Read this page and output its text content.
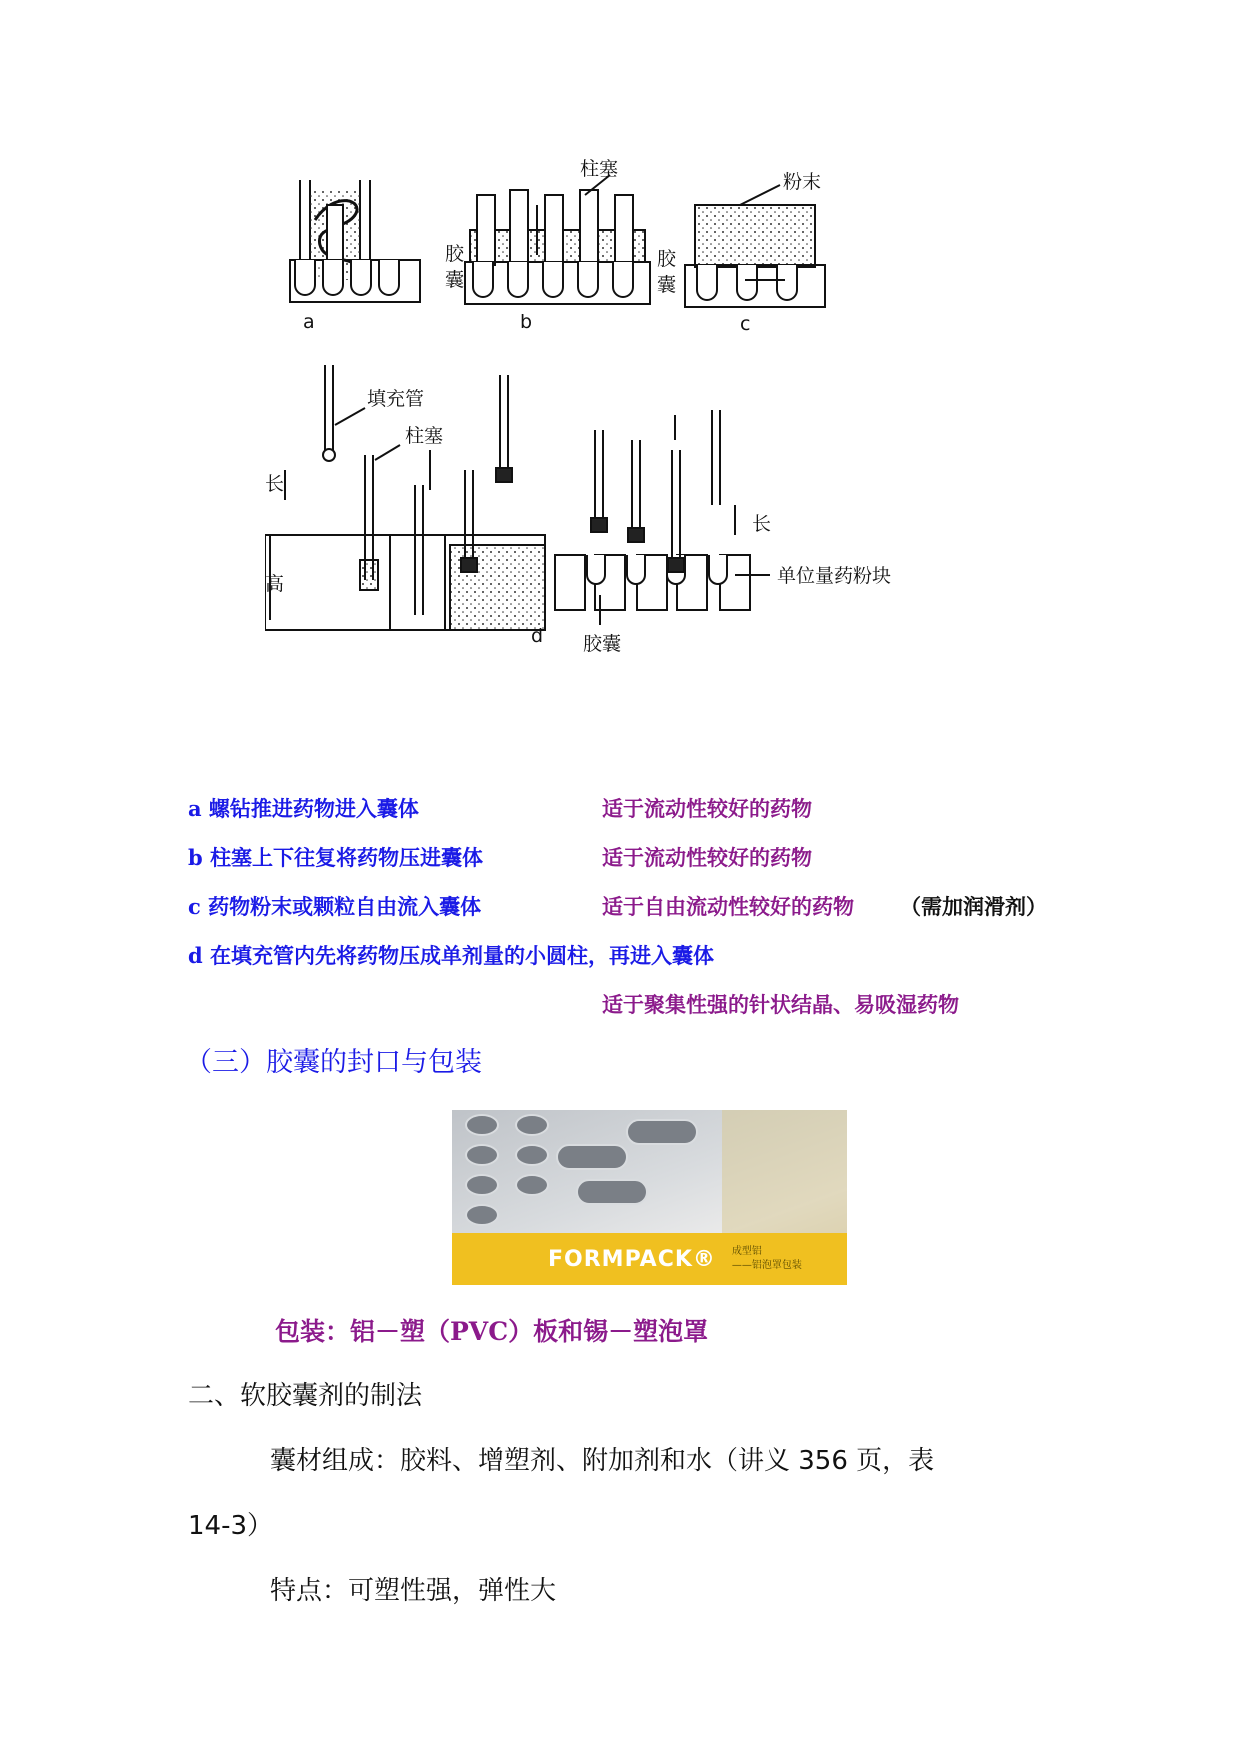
a	b	c
d
柱塞
粉末
胶
囊
胶
囊
填充管
柱塞
长
高
长
单位量药粉块
胶囊
a 螺钻推进药物进入囊体	适于流动性较好的药物
b 柱塞上下往复将药物压进囊体	适于流动性较好的药物
c 药物粉末或颗粒自由流入囊体	适于自由流动性较好的药物 （需加润滑剂）
d 在填充管内先将药物压成单剂量的小圆柱，再进入囊体
适于聚集性强的针状结晶、易吸湿药物
（三）胶囊的封口与包装
FORMPACK® 成型铝
——铝泡罩包装
包装：铝－塑（PVC）板和锡－塑泡罩
二、软胶囊剂的制法
囊材组成：胶料、增塑剂、附加剂和水（讲义 356 页，表
14-3）
特点：可塑性强，弹性大
